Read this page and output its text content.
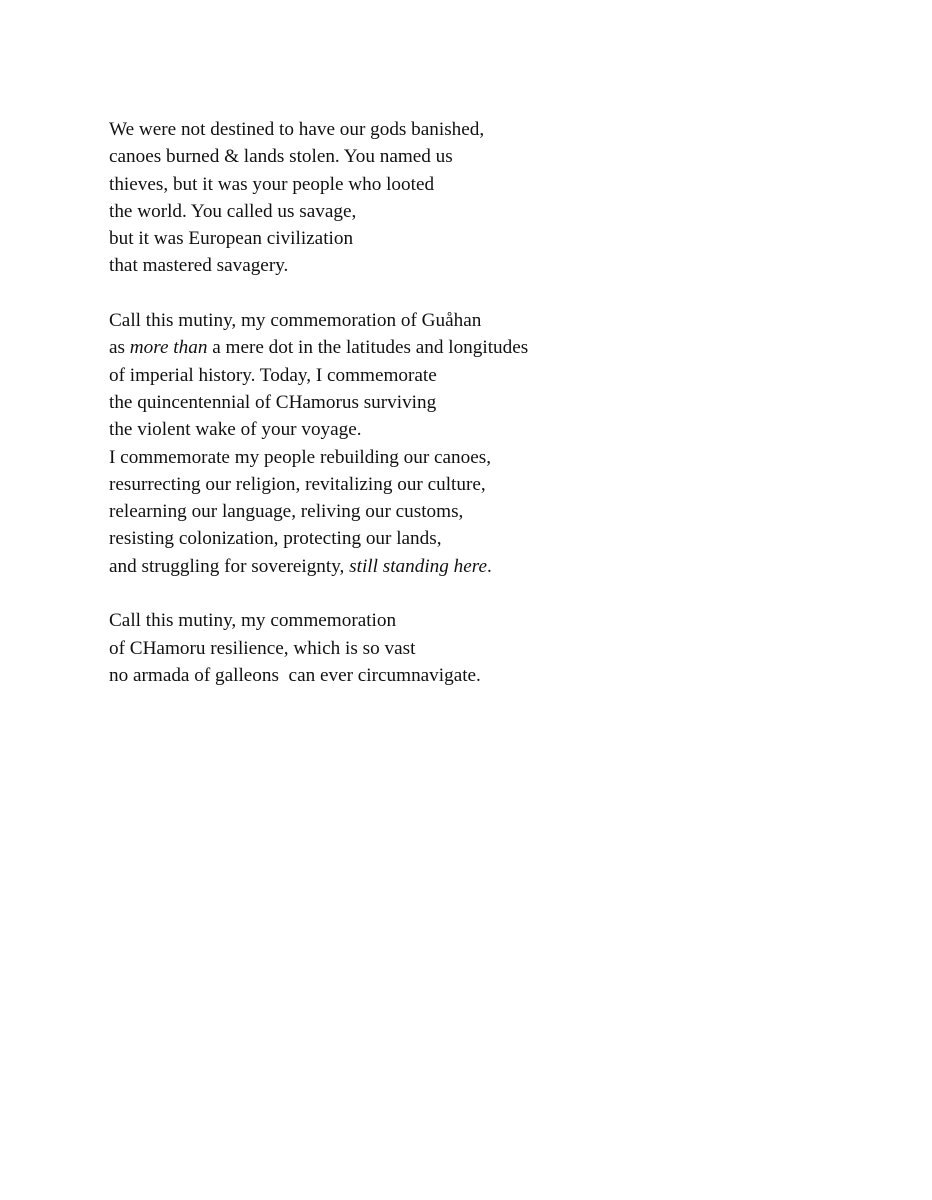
We were not destined to have our gods banished,
canoes burned & lands stolen. You named us
thieves, but it was your people who looted
the world. You called us savage,
but it was European civilization
that mastered savagery.
Call this mutiny, my commemoration of Guåhan
as more than a mere dot in the latitudes and longitudes
of imperial history. Today, I commemorate
the quincentennial of CHamorus surviving
the violent wake of your voyage.
I commemorate my people rebuilding our canoes,
resurrecting our religion, revitalizing our culture,
relearning our language, reliving our customs,
resisting colonization, protecting our lands,
and struggling for sovereignty, still standing here.
Call this mutiny, my commemoration
of CHamoru resilience, which is so vast
no armada of galleons  can ever circumnavigate.
